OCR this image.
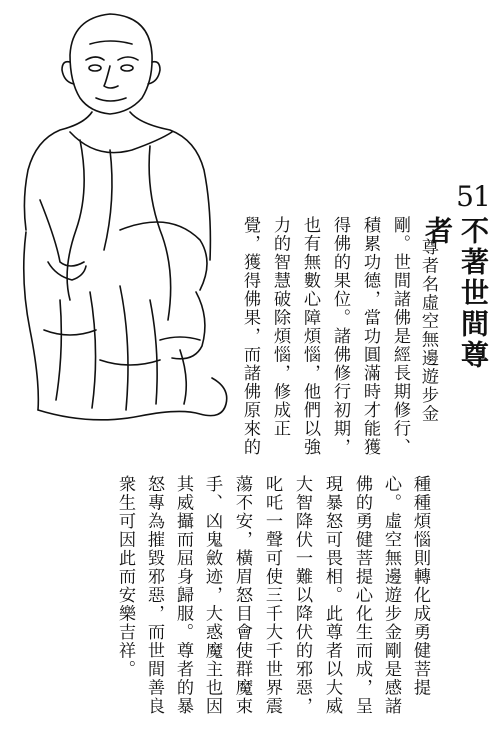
51
不著世間尊者
尊者名虛空無邊遊步金
剛。世間諸佛是經長期修行、
積累功德，當功圓滿時才能獲
得佛的果位。諸佛修行初期，
也有無數心障煩惱，他們以強
力的智慧破除煩惱，修成正
覺，獲得佛果，而諸佛原來的
種種煩惱則轉化成勇健菩提
心。虛空無邊遊步金剛是感諸
佛的勇健菩提心化生而成，呈
現暴怒可畏相。此尊者以大威
大智降伏一難以降伏的邪惡，
叱吒一聲可使三千大千世界震
蕩不安，橫眉怒目會使群魔束
手、凶鬼斂迹，大惑魔主也因
其威攝而屈身歸服。尊者的暴
怒專為摧毀邪惡，而世間善良
衆生可因此而安樂吉祥。
